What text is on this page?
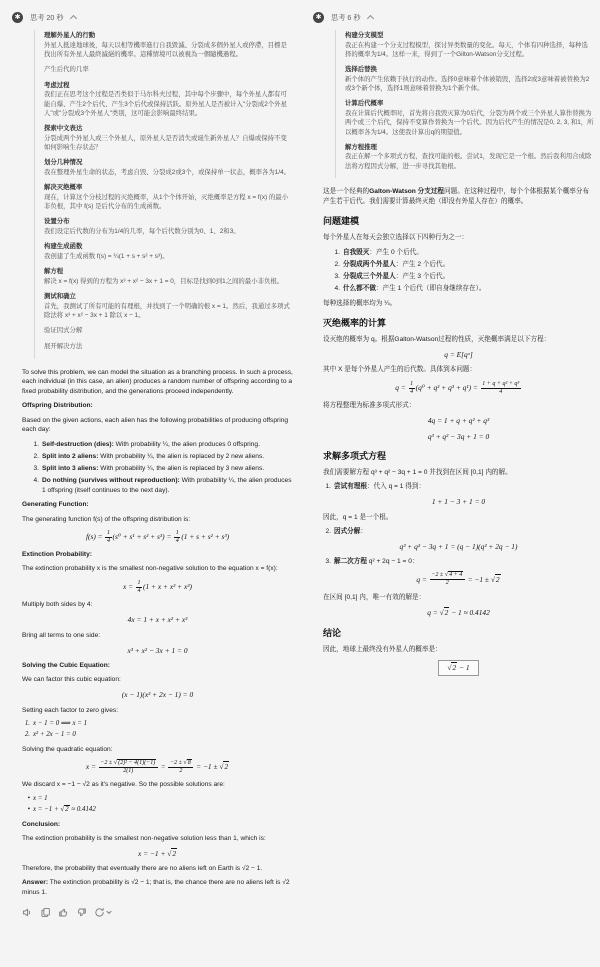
✱	思考 20 秒
理解外星人的行動
外星人抵達地球後，每天以相等機率進行自我毀滅、分裂成多個外星人或停滯，目標是找出所有外星人最終滅絕的機率。這種情境可以被視為一個隨機過程。
产生后代的几率
考虑过程
我们正在思考这个过程是否类似于马尔科夫过程，其中每个步骤中，每个外星人都有可能自爆、产生2个后代、产生3个后代或保持活跃。原外星人是否被计入"分裂成2个外星人"或"分裂成3个外星人"类别，这可能会影响最终结果。
探索中文表达
分裂成两个外星人或三个外星人，原外星人是否消失或诞生新外星人？自爆或保持不变如何影响生存状态？
划分几种情况
我在整理外星生命的状态，考虑自毁、分裂成2或3个，或保持单一状态，概率各为1/4。
解决灭绝概率
现在，计算这个分枝过程的灭绝概率，从1个个体开始，灭绝概率是方程 x = f(x) 的最小非负根，其中 f(s) 是后代分布的生成函数。
设置分布
我们设定后代数的分布为1/4的几率，每个后代数分别为0、1、2和3。
构建生成函数
我创建了生成函数 f(s) = ¼(1 + s + s² + s³)。
解方程
解决 x = f(x) 得到的方程为 x³ + x² − 3x + 1 = 0，目标是找到0到1之间的最小非负根。
测试和确立
首先，我测试了所有可能的有理根，并找到了一个明确的根 x = 1。然后，我通过多项式除法将 x³ + x² − 3x + 1 除以 x − 1。
验证因式分解
展开解决方法

To solve this problem, we can model the situation as a branching process. In such a process, each individual (in this case, an alien) produces a random number of offspring according to a fixed probability distribution, and the generations proceed independently.

Offspring Distribution:

Based on the given actions, each alien has the following probabilities of producing offspring each day:

1. Self-destruction (dies): With probability ¼, the alien produces 0 offspring.
2. Split into 2 aliens: With probability ¼, the alien is replaced by 2 new aliens.
3. Split into 3 aliens: With probability ¼, the alien is replaced by 3 new aliens.
4. Do nothing (survives without reproduction): With probability ¼, the alien produces 1 offspring (itself continues to the next day).

Generating Function:

The generating function f(s) of the offspring distribution is:

$f(s) = \frac{1}{4} (s^0 + s^1 + s^2 + s^3) = \frac{1}{4} (1 + s + s^2 + s^3)$

Extinction Probability:

The extinction probability x is the smallest non-negative solution to the equation x = f(x):

$x = \frac{1}{4} (1 + x + x^2 + x^3)$

Multiply both sides by 4:

4x = 1 + x + x² + x³

Bring all terms to one side:

x³ + x² − 3x + 1 = 0

Solving the Cubic Equation:

We can factor this cubic equation:

(x − 1)(x² + 2x − 1) = 0

Setting each factor to zero gives:

1. x − 1 = 0 ⟹ x = 1
2. x² + 2x − 1 = 0

Solving the quadratic equation:

$x = \frac{\text{−2 ± √(2)² − 4(1)(−1)}}{2(1)} = \frac{-2 \pm √8}{2} = -1 \pm √2$

We discard x = −1 − √2 as it's negative. So the possible solutions are:

• x = 1
• x = −1 + √2 ≈ 0.4142

Conclusion:

The extinction probability is the smallest non-negative solution less than 1, which is:

x = −1 + √2

Therefore, the probability that eventually there are no aliens left on Earth is √2 − 1.

Answer: The extinction probability is √2 − 1; that is, the chance there are no aliens left is √2 minus 1.

✱	思考 6 秒
构建分支模型
我正在构建一个分支过程模型，探讨异类数量的变化。每天，个体有四种选择，每种选择的概率为1/4。这样一来，得到了一个Gilton-Watson分支过程。
选择后替换
新个体的产生依赖于执行的动作。选择0意味着个体被销毁，选择2或3意味着被替换为2或3个新个体，选择1则意味着替换为1个新个体。
计算后代概率
我在计算后代概率时，首先将自我毁灭算为0后代，分裂为两个或三个外星人算作替换为两个或三个后代，保持不变算作替换为一个后代。因为后代产生的情况是0, 2, 3, 和1，所以概率各为1/4。这使我计算出q的期望值。
解方程推理
我正在解一个多项式方程，查找可能的根。尝试1，发现它是一个根。然后我利用合成除法将方程因式分解，进一步寻找其他根。

这是一个经典的Galton-Watson 分支过程问题。在这种过程中，每个个体根据某个概率分布产生若干后代。我们需要计算最终灭绝（即没有外星人存在）的概率。

问题建模

每个外星人在每天会独立选择以下四种行为之一：

1. 自我毁灭：产生 0 个后代。
2. 分裂成两个外星人：产生 2 个后代。
3. 分裂成三个外星人：产生 3 个后代。
4. 什么都不做：产生 1 个后代（即自身继续存在）。

每种选择的概率均为 ¼。

灭绝概率的计算

设灭绝的概率为 q。根据Galton-Watson过程的性质，灭绝概率满足以下方程：

q = E[qˣ]

其中 X 是每个外星人产生的后代数。具体到本问题：

$q = \frac{1}{4} (q^0 + q^2 + q^3 + q^1) = \frac{\text{1 + q + q² + q³}}{4}$

将方程整理为标准多项式形式：

4q = 1 + q + q² + q³
q³ + q² − 3q + 1 = 0
求解多项式方程

我们需要解方程 q³ + q² − 3q + 1 = 0 并找到在区间 [0,1] 内的解。

1. 尝试有理根：代入 q = 1 得到：

1 + 1 − 3 + 1 = 0

因此，q = 1 是一个根。

2. 因式分解：

q³ + q² − 3q + 1 = (q − 1)(q² + 2q − 1)

3. 解二次方程 q² + 2q − 1 = 0：

$q = \frac{-2 \pm √4 + 4}{2} = -1 \pm √2$

在区间 [0,1] 内，唯一有效的解是：

q = √2 − 1 ≈ 0.4142
结论

因此，地球上最终没有外星人的概率是：

√2 − 1
